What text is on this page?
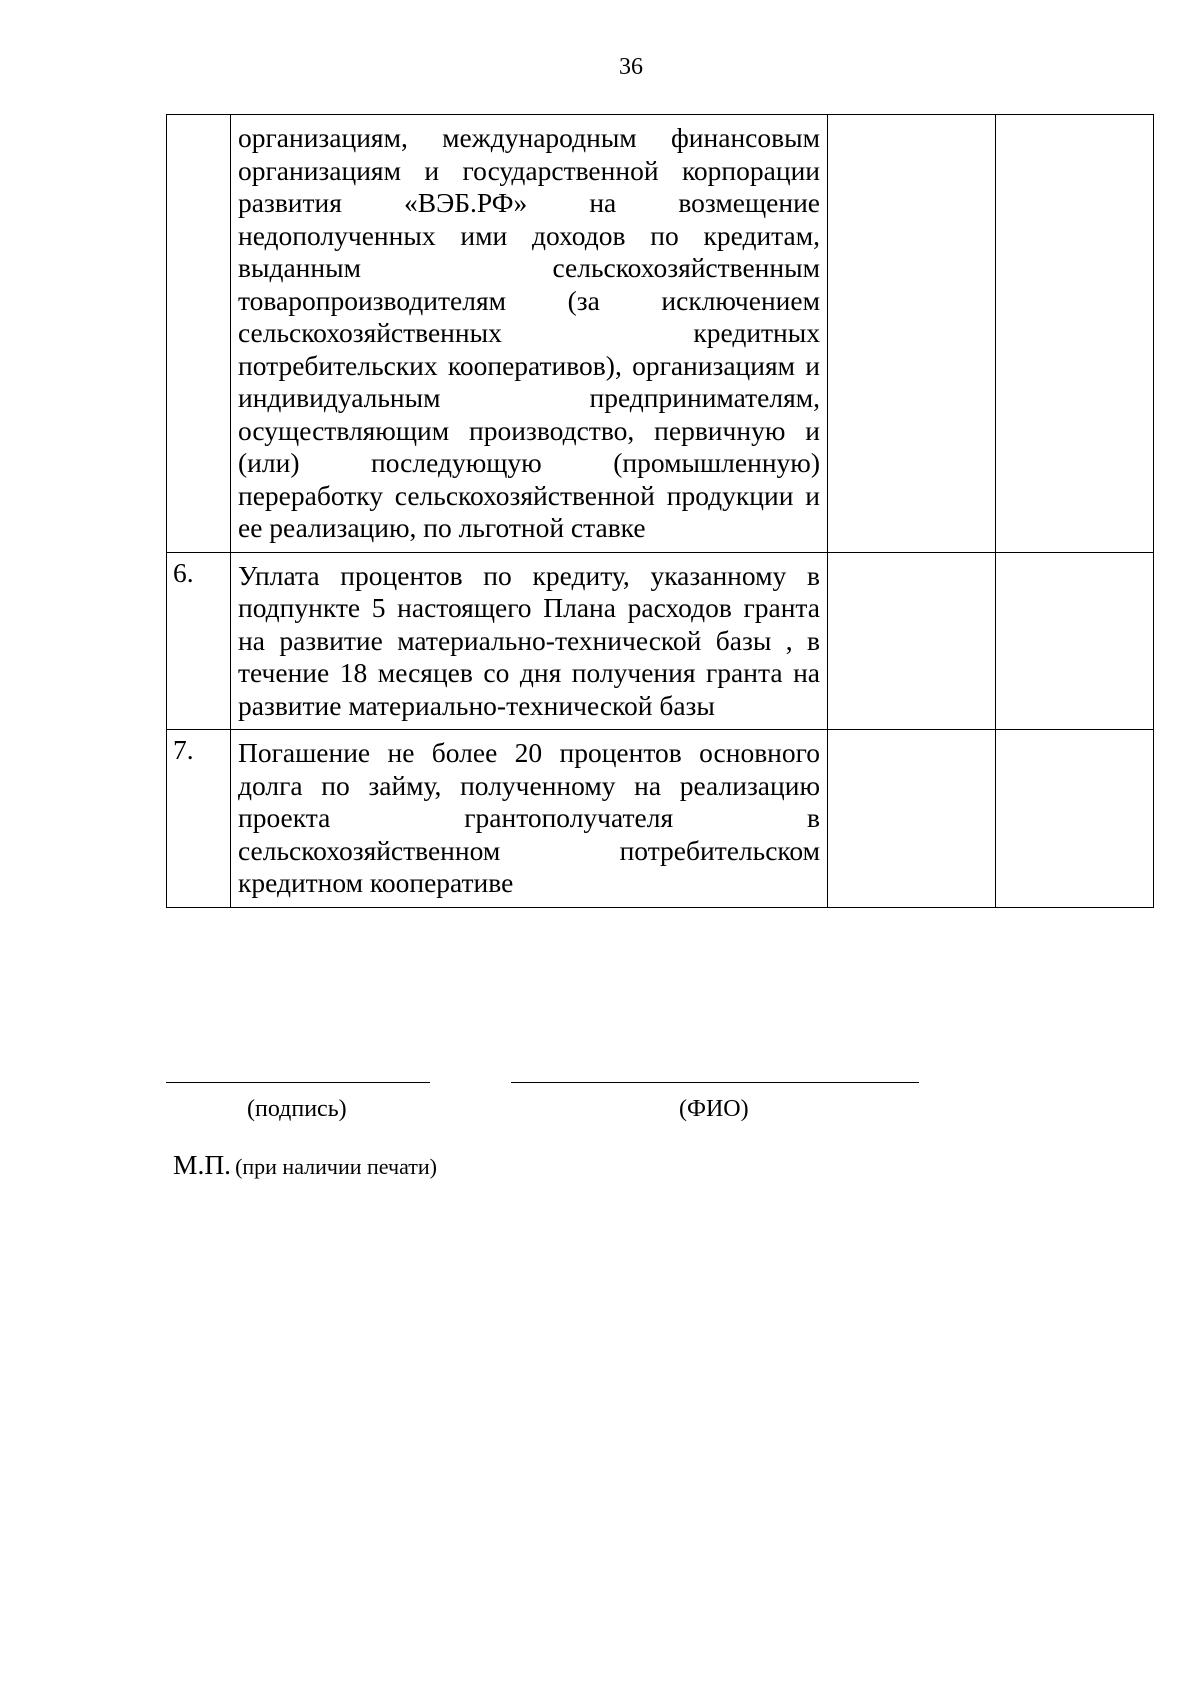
36
	организациям, международным финансовым организациям и государственной корпорации развития «ВЭБ.РФ» на возмещение недополученных ими доходов по кредитам, выданным сельскохозяйственным товаропроизводителям (за исключением сельскохозяйственных кредитных потребительских кооперативов), организациям и индивидуальным предпринимателям, осуществляющим производство, первичную и (или) последующую (промышленную) переработку сельскохозяйственной продукции и ее реализацию, по льготной ставке		
6.	Уплата процентов по кредиту, указанному в подпункте 5 настоящего Плана расходов гранта на развитие материально-технической базы , в течение 18 месяцев со дня получения гранта на развитие материально-технической базы		
7.	Погашение не более 20 процентов основного долга по займу, полученному на реализацию проекта грантополучателя в сельскохозяйственном потребительском кредитном кооперативе		
(подпись)	(ФИО)
М.П. (при наличии печати)
